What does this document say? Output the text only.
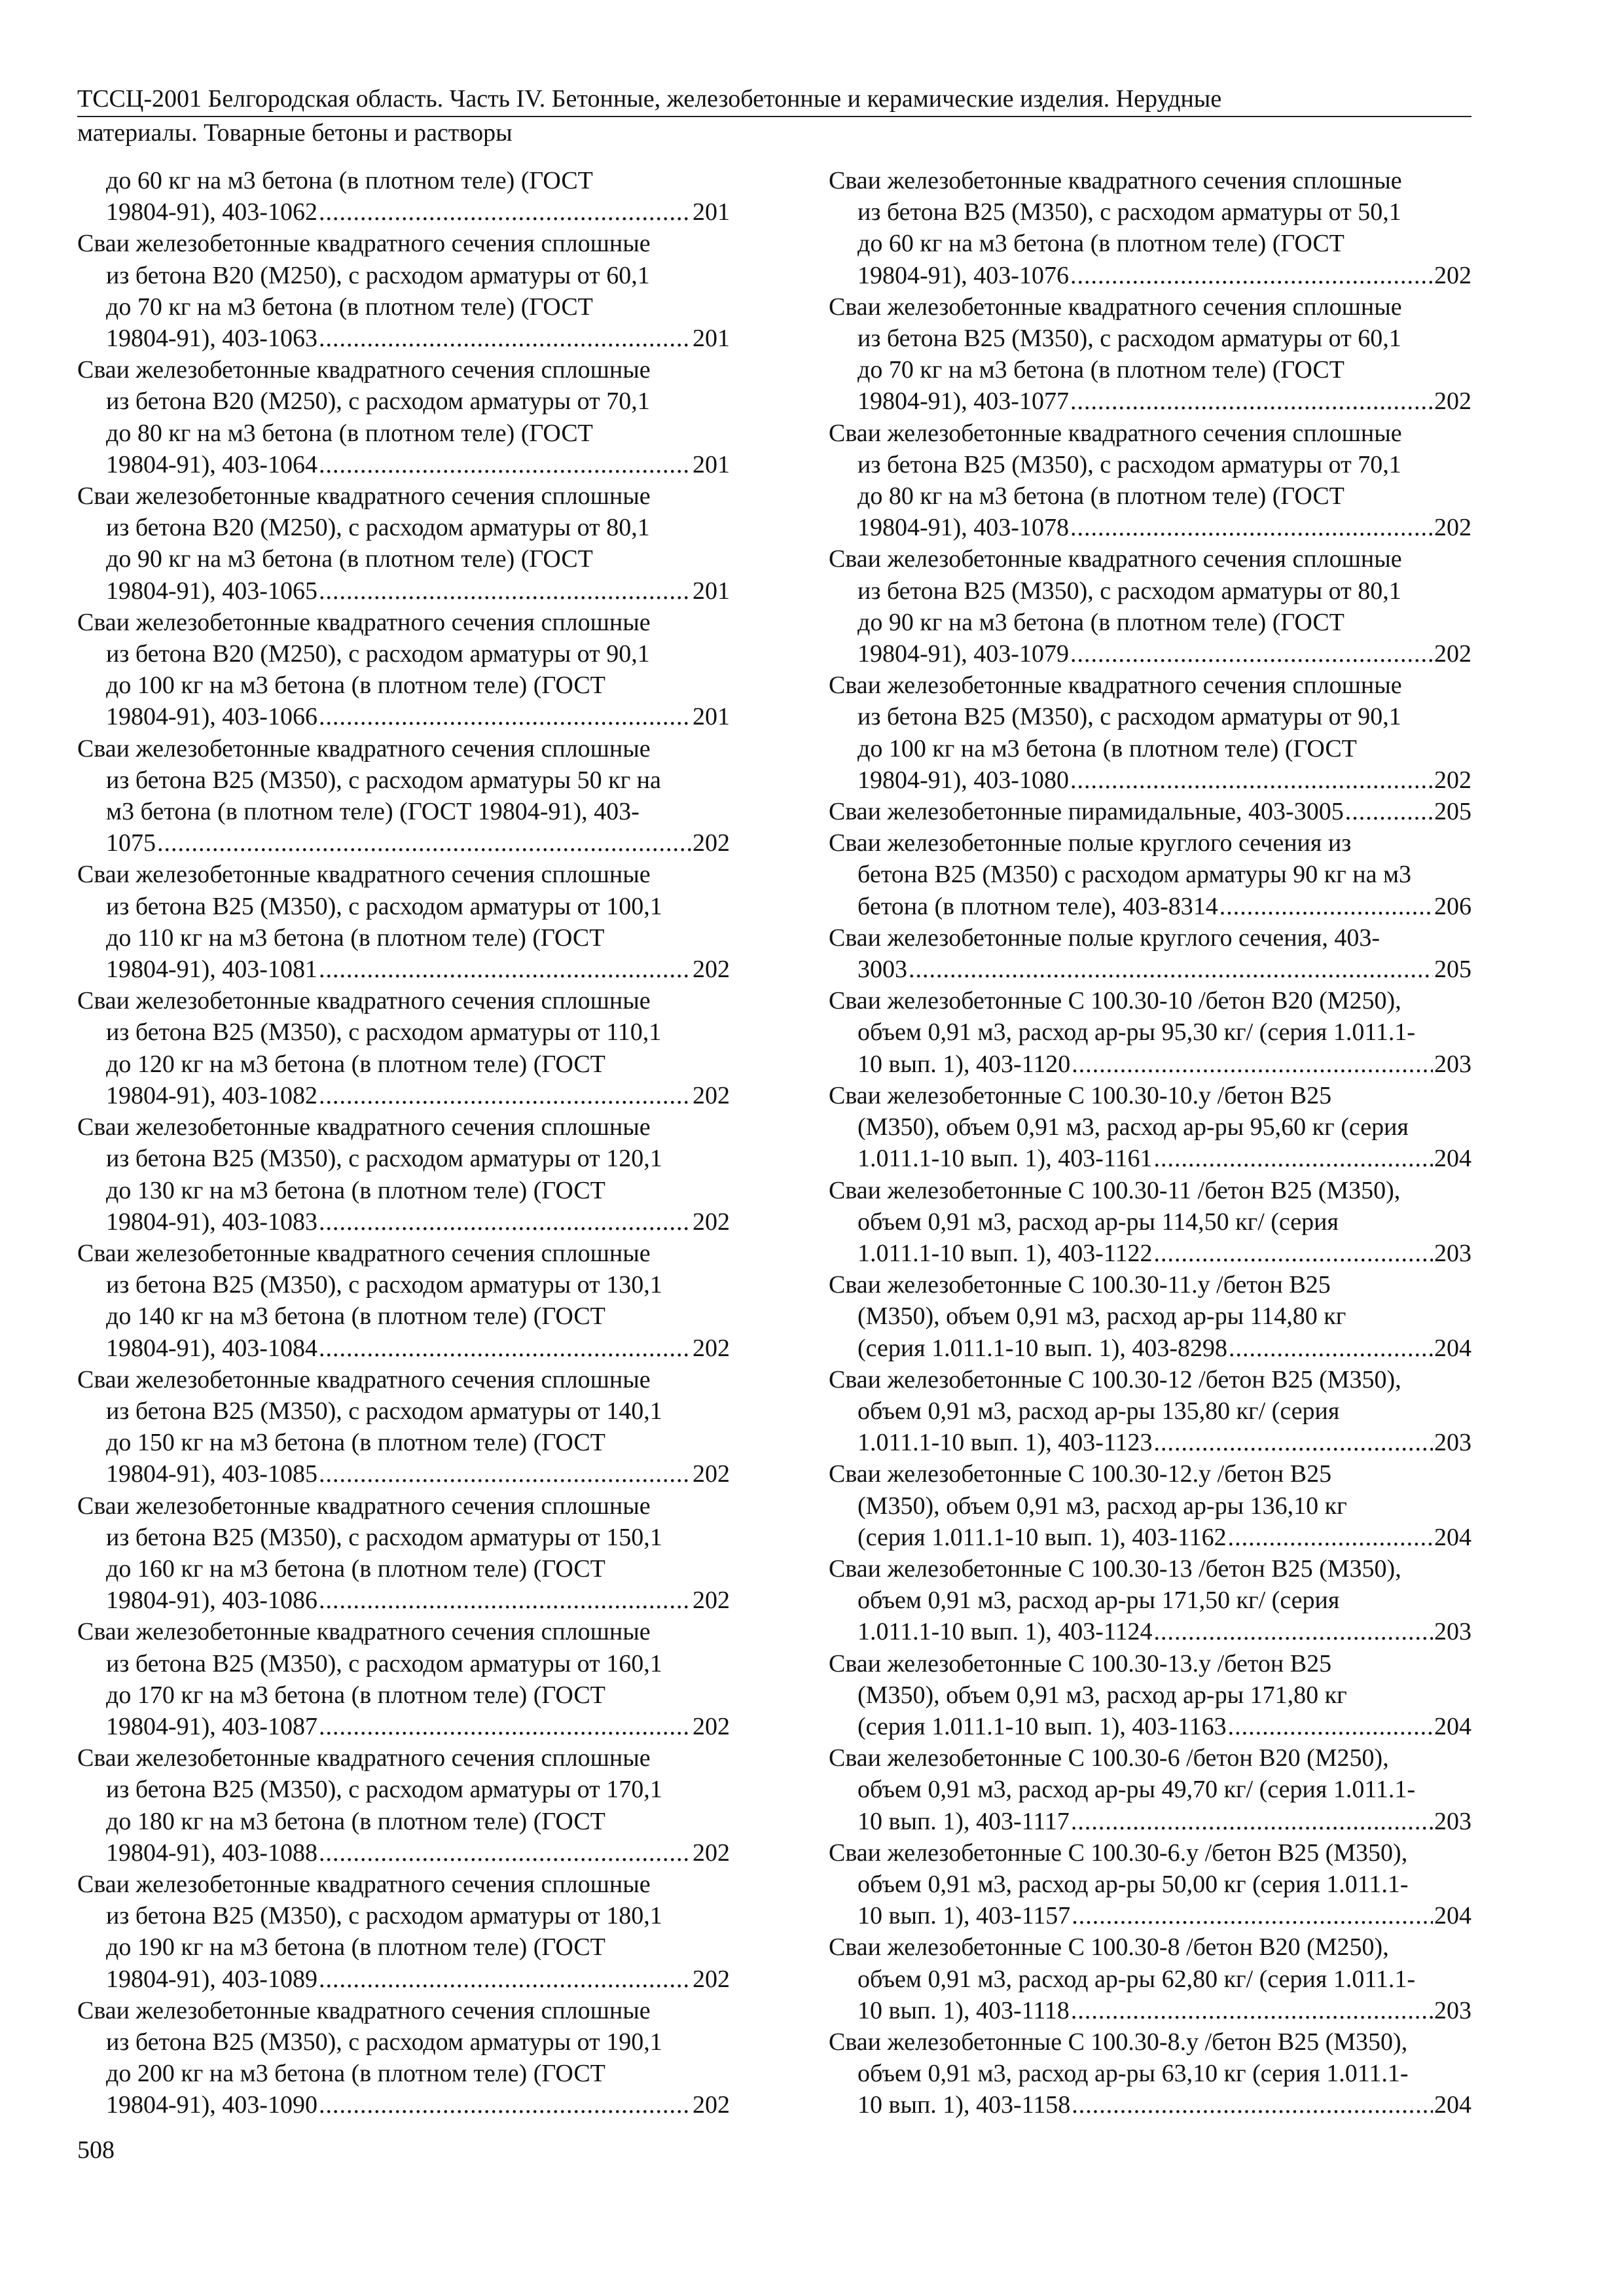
ТССЦ-2001 Белгородская область. Часть IV. Бетонные, железобетонные и керамические изделия. Нерудные
материалы. Товарные бетоны и растворы
до 60 кг на м3 бетона (в плотном теле) (ГОСТ
19804-91), 403-1062 .....	201
Сваи железобетонные квадратного сечения сплошные
из бетона В20 (М250), с расходом арматуры от 60,1
до 70 кг на м3 бетона (в плотном теле) (ГОСТ
19804-91), 403-1063 .....	201
Сваи железобетонные квадратного сечения сплошные
из бетона В20 (М250), с расходом арматуры от 70,1
до 80 кг на м3 бетона (в плотном теле) (ГОСТ
19804-91), 403-1064 .....	201
Сваи железобетонные квадратного сечения сплошные
из бетона В20 (М250), с расходом арматуры от 80,1
до 90 кг на м3 бетона (в плотном теле) (ГОСТ
19804-91), 403-1065 .....	201
Сваи железобетонные квадратного сечения сплошные
из бетона В20 (М250), с расходом арматуры от 90,1
до 100 кг на м3 бетона (в плотном теле) (ГОСТ
19804-91), 403-1066 .....	201
Сваи железобетонные квадратного сечения сплошные
из бетона В25 (М350), с расходом арматуры 50 кг на
м3 бетона (в плотном теле) (ГОСТ 19804-91), 403-
1075 .....	202
Сваи железобетонные квадратного сечения сплошные
из бетона В25 (М350), с расходом арматуры от 100,1
до 110 кг на м3 бетона (в плотном теле) (ГОСТ
19804-91), 403-1081 .....	202
Сваи железобетонные квадратного сечения сплошные
из бетона В25 (М350), с расходом арматуры от 110,1
до 120 кг на м3 бетона (в плотном теле) (ГОСТ
19804-91), 403-1082 .....	202
Сваи железобетонные квадратного сечения сплошные
из бетона В25 (М350), с расходом арматуры от 120,1
до 130 кг на м3 бетона (в плотном теле) (ГОСТ
19804-91), 403-1083 .....	202
Сваи железобетонные квадратного сечения сплошные
из бетона В25 (М350), с расходом арматуры от 130,1
до 140 кг на м3 бетона (в плотном теле) (ГОСТ
19804-91), 403-1084 .....	202
Сваи железобетонные квадратного сечения сплошные
из бетона В25 (М350), с расходом арматуры от 140,1
до 150 кг на м3 бетона (в плотном теле) (ГОСТ
19804-91), 403-1085 .....	202
Сваи железобетонные квадратного сечения сплошные
из бетона В25 (М350), с расходом арматуры от 150,1
до 160 кг на м3 бетона (в плотном теле) (ГОСТ
19804-91), 403-1086 .....	202
Сваи железобетонные квадратного сечения сплошные
из бетона В25 (М350), с расходом арматуры от 160,1
до 170 кг на м3 бетона (в плотном теле) (ГОСТ
19804-91), 403-1087 .....	202
Сваи железобетонные квадратного сечения сплошные
из бетона В25 (М350), с расходом арматуры от 170,1
до 180 кг на м3 бетона (в плотном теле) (ГОСТ
19804-91), 403-1088 .....	202
Сваи железобетонные квадратного сечения сплошные
из бетона В25 (М350), с расходом арматуры от 180,1
до 190 кг на м3 бетона (в плотном теле) (ГОСТ
19804-91), 403-1089 .....	202
Сваи железобетонные квадратного сечения сплошные
из бетона В25 (М350), с расходом арматуры от 190,1
до 200 кг на м3 бетона (в плотном теле) (ГОСТ
19804-91), 403-1090 .....	202
Сваи железобетонные квадратного сечения сплошные
из бетона В25 (М350), с расходом арматуры от 50,1
до 60 кг на м3 бетона (в плотном теле) (ГОСТ
19804-91), 403-1076 .....	202
Сваи железобетонные квадратного сечения сплошные
из бетона В25 (М350), с расходом арматуры от 60,1
до 70 кг на м3 бетона (в плотном теле) (ГОСТ
19804-91), 403-1077 .....	202
Сваи железобетонные квадратного сечения сплошные
из бетона В25 (М350), с расходом арматуры от 70,1
до 80 кг на м3 бетона (в плотном теле) (ГОСТ
19804-91), 403-1078 .....	202
Сваи железобетонные квадратного сечения сплошные
из бетона В25 (М350), с расходом арматуры от 80,1
до 90 кг на м3 бетона (в плотном теле) (ГОСТ
19804-91), 403-1079 .....	202
Сваи железобетонные квадратного сечения сплошные
из бетона В25 (М350), с расходом арматуры от 90,1
до 100 кг на м3 бетона (в плотном теле) (ГОСТ
19804-91), 403-1080 .....	202
Сваи железобетонные пирамидальные, 403-3005 .....	205
Сваи железобетонные полые круглого сечения из
бетона В25 (М350) с расходом арматуры 90 кг на м3
бетона (в плотном теле), 403-8314 .....	206
Сваи железобетонные полые круглого сечения, 403-
3003 .....	205
Сваи железобетонные С 100.30-10 /бетон В20 (М250),
объем 0,91 м3, расход ар-ры 95,30 кг/ (серия 1.011.1-
10 вып. 1), 403-1120 .....	203
Сваи железобетонные С 100.30-10.у /бетон В25
(М350), объем 0,91 м3, расход ар-ры 95,60 кг (серия
1.011.1-10 вып. 1), 403-1161 .....	204
Сваи железобетонные С 100.30-11 /бетон В25 (М350),
объем 0,91 м3, расход ар-ры 114,50 кг/ (серия
1.011.1-10 вып. 1), 403-1122 .....	203
Сваи железобетонные С 100.30-11.у /бетон В25
(М350), объем 0,91 м3, расход ар-ры 114,80 кг
(серия 1.011.1-10 вып. 1), 403-8298 .....	204
Сваи железобетонные С 100.30-12 /бетон В25 (М350),
объем 0,91 м3, расход ар-ры 135,80 кг/ (серия
1.011.1-10 вып. 1), 403-1123 .....	203
Сваи железобетонные С 100.30-12.у /бетон В25
(М350), объем 0,91 м3, расход ар-ры 136,10 кг
(серия 1.011.1-10 вып. 1), 403-1162 .....	204
Сваи железобетонные С 100.30-13 /бетон В25 (М350),
объем 0,91 м3, расход ар-ры 171,50 кг/ (серия
1.011.1-10 вып. 1), 403-1124 .....	203
Сваи железобетонные С 100.30-13.у /бетон В25
(М350), объем 0,91 м3, расход ар-ры 171,80 кг
(серия 1.011.1-10 вып. 1), 403-1163 .....	204
Сваи железобетонные С 100.30-6 /бетон В20 (М250),
объем 0,91 м3, расход ар-ры 49,70 кг/ (серия 1.011.1-
10 вып. 1), 403-1117 .....	203
Сваи железобетонные С 100.30-6.у /бетон В25 (М350),
объем 0,91 м3, расход ар-ры 50,00 кг (серия 1.011.1-
10 вып. 1), 403-1157 .....	204
Сваи железобетонные С 100.30-8 /бетон В20 (М250),
объем 0,91 м3, расход ар-ры 62,80 кг/ (серия 1.011.1-
10 вып. 1), 403-1118 .....	203
Сваи железобетонные С 100.30-8.у /бетон В25 (М350),
объем 0,91 м3, расход ар-ры 63,10 кг (серия 1.011.1-
10 вып. 1), 403-1158 .....	204
508
